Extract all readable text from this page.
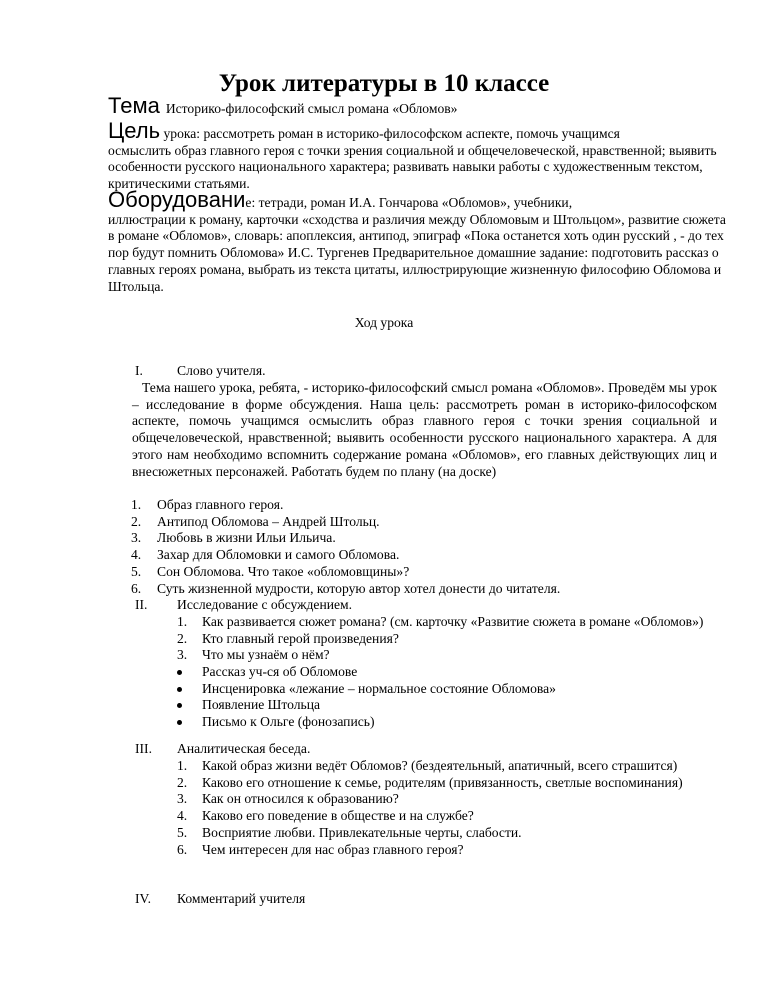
Урок литературы в 10 классе
Тема Историко-философский смысл романа «Обломов»
Цель урока: рассмотреть роман в историко-философском аспекте, помочь учащимся
осмыслить образ главного героя с точки зрения социальной и общечеловеческой, нравственной; выявить особенности русского национального характера; развивать навыки работы с художественным текстом, критическими статьями.
Оборудование: тетради, роман И.А. Гончарова «Обломов», учебники,
иллюстрации к роману, карточки «сходства и различия между Обломовым и Штольцом», развитие сюжета в романе «Обломов», словарь: апоплексия, антипод, эпиграф «Пока останется хоть один русский , - до тех пор будут помнить Обломова» И.С. Тургенев Предварительное домашние задание: подготовить рассказ о главных героях романа, выбрать из текста цитаты, иллюстрирующие жизненную философию Обломова и Штольца.
Ход урока
I.	Слово учителя.
Тема нашего урока, ребята, - историко-философский смысл романа «Обломов». Проведём мы урок – исследование в форме обсуждения. Наша цель: рассмотреть роман в историко-философском аспекте, помочь учащимся осмыслить образ главного героя с точки зрения социальной и общечеловеческой, нравственной; выявить особенности русского национального характера. А для этого нам необходимо вспомнить содержание романа «Обломов», его главных действующих лиц и внесюжетных персонажей. Работать будем по плану (на доске)
1. Образ главного героя.
2. Антипод Обломова – Андрей Штольц.
3. Любовь в жизни Ильи Ильича.
4. Захар для Обломовки и самого Обломова.
5. Сон Обломова. Что такое «обломовщины»?
6. Суть жизненной мудрости, которую автор хотел донести до читателя.
II.	Исследование с обсуждением.
1. Как развивается сюжет романа? (см. карточку «Развитие сюжета в романе «Обломов»)
2. Кто главный герой произведения?
3. Что мы узнаём о нём?
Рассказ уч-ся об Обломове
Инсценировка «лежание – нормальное состояние Обломова»
Появление Штольца
Письмо к Ольге (фонозапись)
III.	Аналитическая беседа.
1. Какой образ жизни ведёт Обломов? (бездеятельный, апатичный, всего страшится)
2. Каково его отношение к семье, родителям (привязанность, светлые воспоминания)
3. Как он относился к образованию?
4. Каково его поведение в обществе и на службе?
5. Восприятие любви. Привлекательные черты, слабости.
6. Чем интересен для нас образ главного героя?
IV.	Комментарий учителя
